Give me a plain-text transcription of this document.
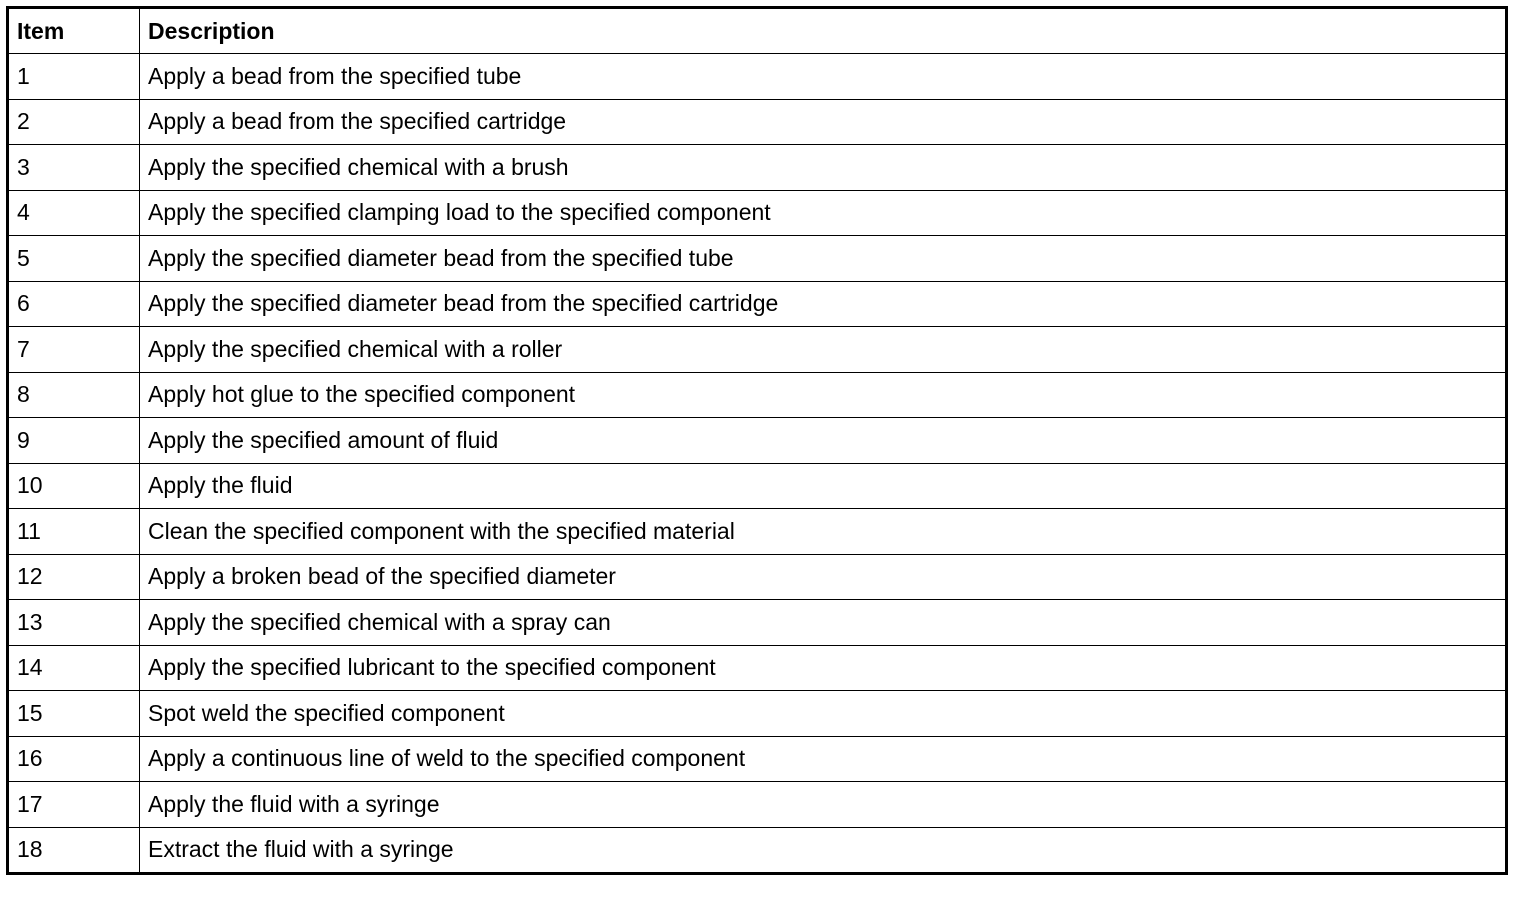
Item	Description
1	Apply a bead from the specified tube
2	Apply a bead from the specified cartridge
3	Apply the specified chemical with a brush
4	Apply the specified clamping load to the specified component
5	Apply the specified diameter bead from the specified tube
6	Apply the specified diameter bead from the specified cartridge
7	Apply the specified chemical with a roller
8	Apply hot glue to the specified component
9	Apply the specified amount of fluid
10	Apply the fluid
11	Clean the specified component with the specified material
12	Apply a broken bead of the specified diameter
13	Apply the specified chemical with a spray can
14	Apply the specified lubricant to the specified component
15	Spot weld the specified component
16	Apply a continuous line of weld to the specified component
17	Apply the fluid with a syringe
18	Extract the fluid with a syringe
